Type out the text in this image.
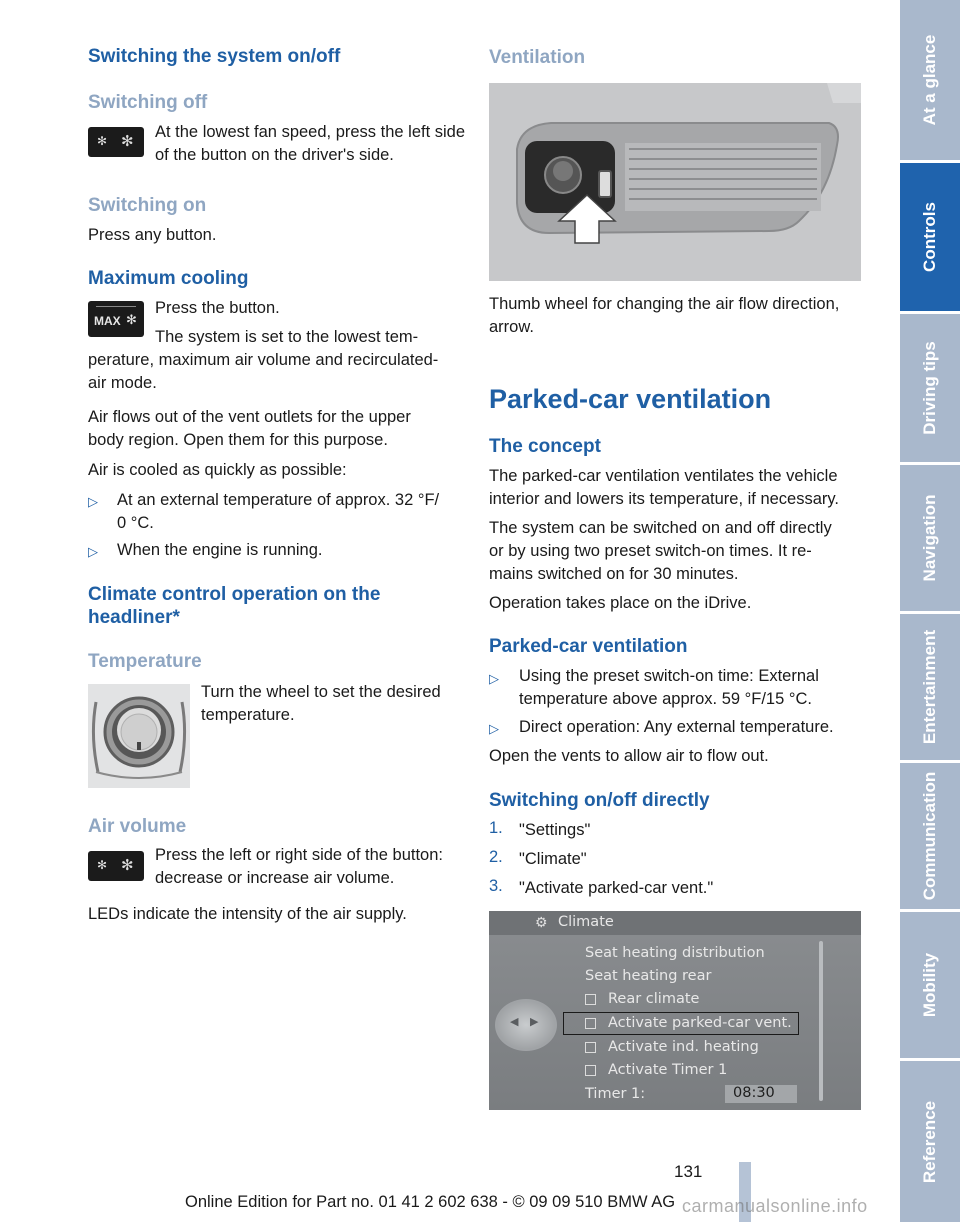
Switching the system on/off
Switching off
✻ ✻
At the lowest fan speed, press the left side of the button on the driver's side.
Switching on
Press any button.
Maximum cooling
MAX ✻
Press the button.
The system is set to the lowest tem-
perature, maximum air volume and recirculated-
air mode.
Air flows out of the vent outlets for the upper
body region. Open them for this purpose.
Air is cooled as quickly as possible:
▷ At an external temperature of approx. 32 °F/
0 °C.
▷ When the engine is running.
Climate control operation on the
headliner*
Temperature
Turn the wheel to set the desired temperature.
Air volume
✻ ✻
Press the left or right side of the button: decrease or increase air volume.
LEDs indicate the intensity of the air supply.
Ventilation
Thumb wheel for changing the air flow direction,
arrow.
Parked-car ventilation
The concept
The parked-car ventilation ventilates the vehicle
interior and lowers its temperature, if necessary.
The system can be switched on and off directly
or by using two preset switch-on times. It re-
mains switched on for 30 minutes.
Operation takes place on the iDrive.
Parked-car ventilation
▷ Using the preset switch-on time: External
temperature above approx. 59 °F/15 °C.
▷ Direct operation: Any external temperature.
Open the vents to allow air to flow out.
Switching on/off directly
1. "Settings"
2. "Climate"
3. "Activate parked-car vent."
⚙ Climate
◀ ▶
Seat heating distribution
Seat heating rear
Rear climate
Activate parked-car vent.
Activate ind. heating
Activate Timer 1
Timer 1:	08:30
At a glance
Controls
Driving tips
Navigation
Entertainment
Communication
Mobility
Reference
131
Online Edition for Part no. 01 41 2 602 638 - © 09 09 510 BMW AG carmanualsonline.info
